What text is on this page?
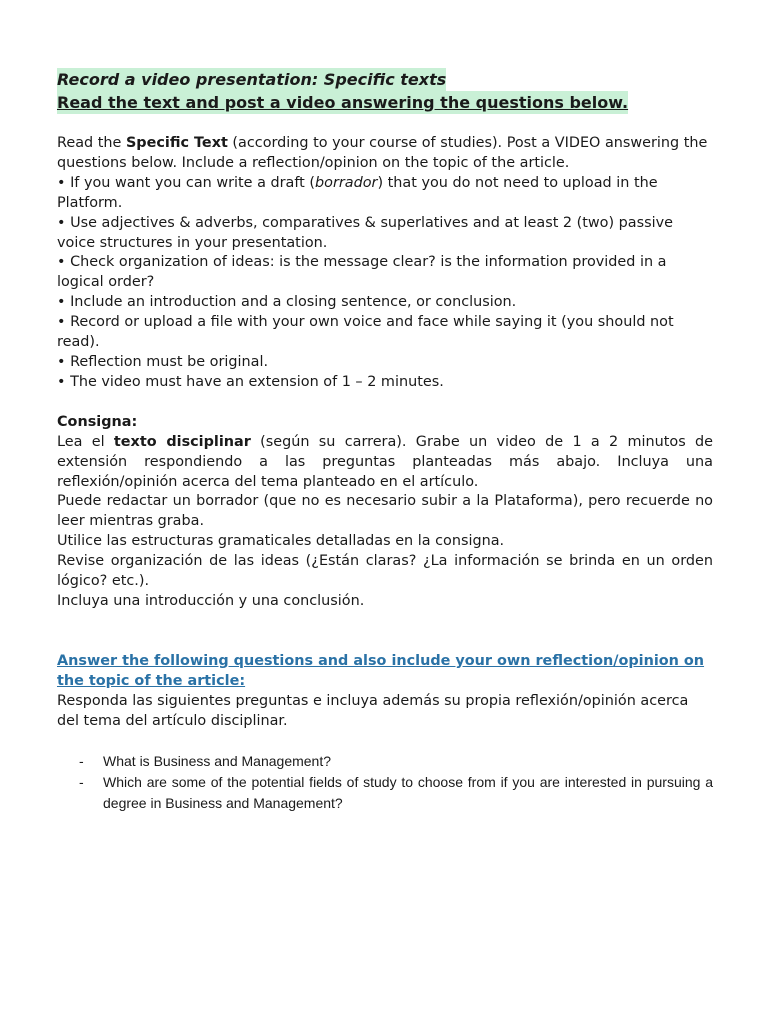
Record a video presentation: Specific texts
Read the text and post a video answering the questions below.

Read the Specific Text (according to your course of studies). Post a VIDEO answering the questions below. Include a reflection/opinion on the topic of the article.

• If you want you can write a draft (borrador) that you do not need to upload in the Platform.

• Use adjectives & adverbs, comparatives & superlatives and at least 2 (two) passive voice structures in your presentation.

• Check organization of ideas: is the message clear? is the information provided in a logical order?

• Include an introduction and a closing sentence, or conclusion.

• Record or upload a file with your own voice and face while saying it (you should not read).

• Reflection must be original.

• The video must have an extension of 1 – 2 minutes.

Consigna:

Lea el texto disciplinar (según su carrera). Grabe un video de 1 a 2 minutos de extensión respondiendo a las preguntas planteadas más abajo. Incluya una reflexión/opinión acerca del tema planteado en el artículo.

Puede redactar un borrador (que no es necesario subir a la Plataforma), pero recuerde no leer mientras graba.

Utilice las estructuras gramaticales detalladas en la consigna.

Revise organización de las ideas (¿Están claras? ¿La información se brinda en un orden lógico? etc.).

Incluya una introducción y una conclusión.

Answer the following questions and also include your own reflection/opinion on the topic of the article:

Responda las siguientes preguntas e incluya además su propia reflexión/opinión acerca del tema del artículo disciplinar.

- What is Business and Management?
- Which are some of the potential fields of study to choose from if you are interested in pursuing a degree in Business and Management?
